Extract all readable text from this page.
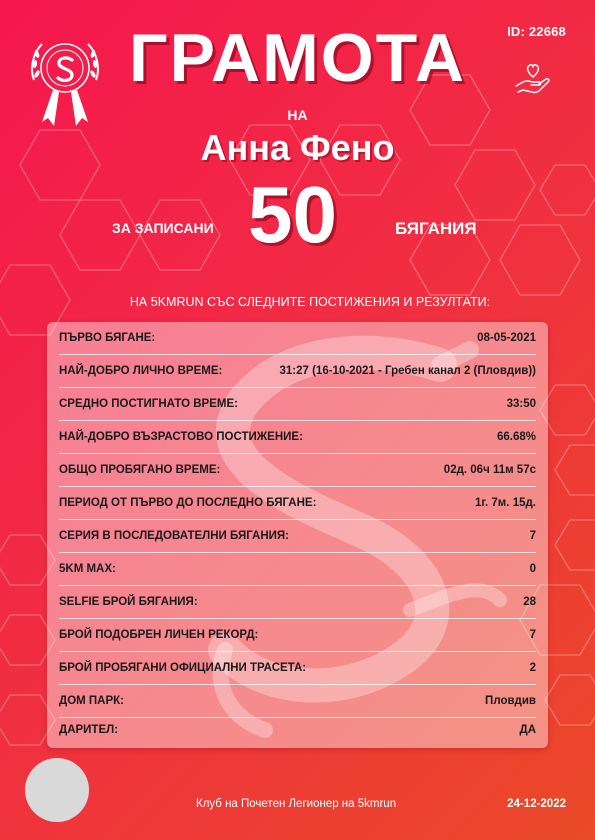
ID: 22668
ГРАМОТА
НА
Анна Фено
ЗА ЗАПИСАНИ 50	БЯГАНИЯ
НА 5KMRUN СЪС СЛЕДНИТЕ ПОСТИЖЕНИЯ И РЕЗУЛТАТИ:
ПЪРВО БЯГАНЕ:	08-05-2021
НАЙ-ДОБРО ЛИЧНО ВРЕМЕ:	31:27 (16-10-2021 - Гребен канал 2 (Пловдив))
СРЕДНО ПОСТИГНАТО ВРЕМЕ:	33:50
НАЙ-ДОБРО ВЪЗРАСТОВО ПОСТИЖЕНИЕ:	66.68%
ОБЩО ПРОБЯГАНО ВРЕМЕ:	02д. 06ч 11м 57с
ПЕРИОД ОТ ПЪРВО ДО ПОСЛЕДНО БЯГАНЕ:	1г. 7м. 15д.
СЕРИЯ В ПОСЛЕДОВАТЕЛНИ БЯГАНИЯ:	7
5KM MAX:	0
SELFIE БРОЙ БЯГАНИЯ:	28
БРОЙ ПОДОБРЕН ЛИЧЕН РЕКОРД:	7
БРОЙ ПРОБЯГАНИ ОФИЦИАЛНИ ТРАСЕТА:	2
ДОМ ПАРК:	Пловдив
ДАРИТЕЛ:	ДА
Клуб на Почетен Легионер на 5kmrun	24-12-2022
